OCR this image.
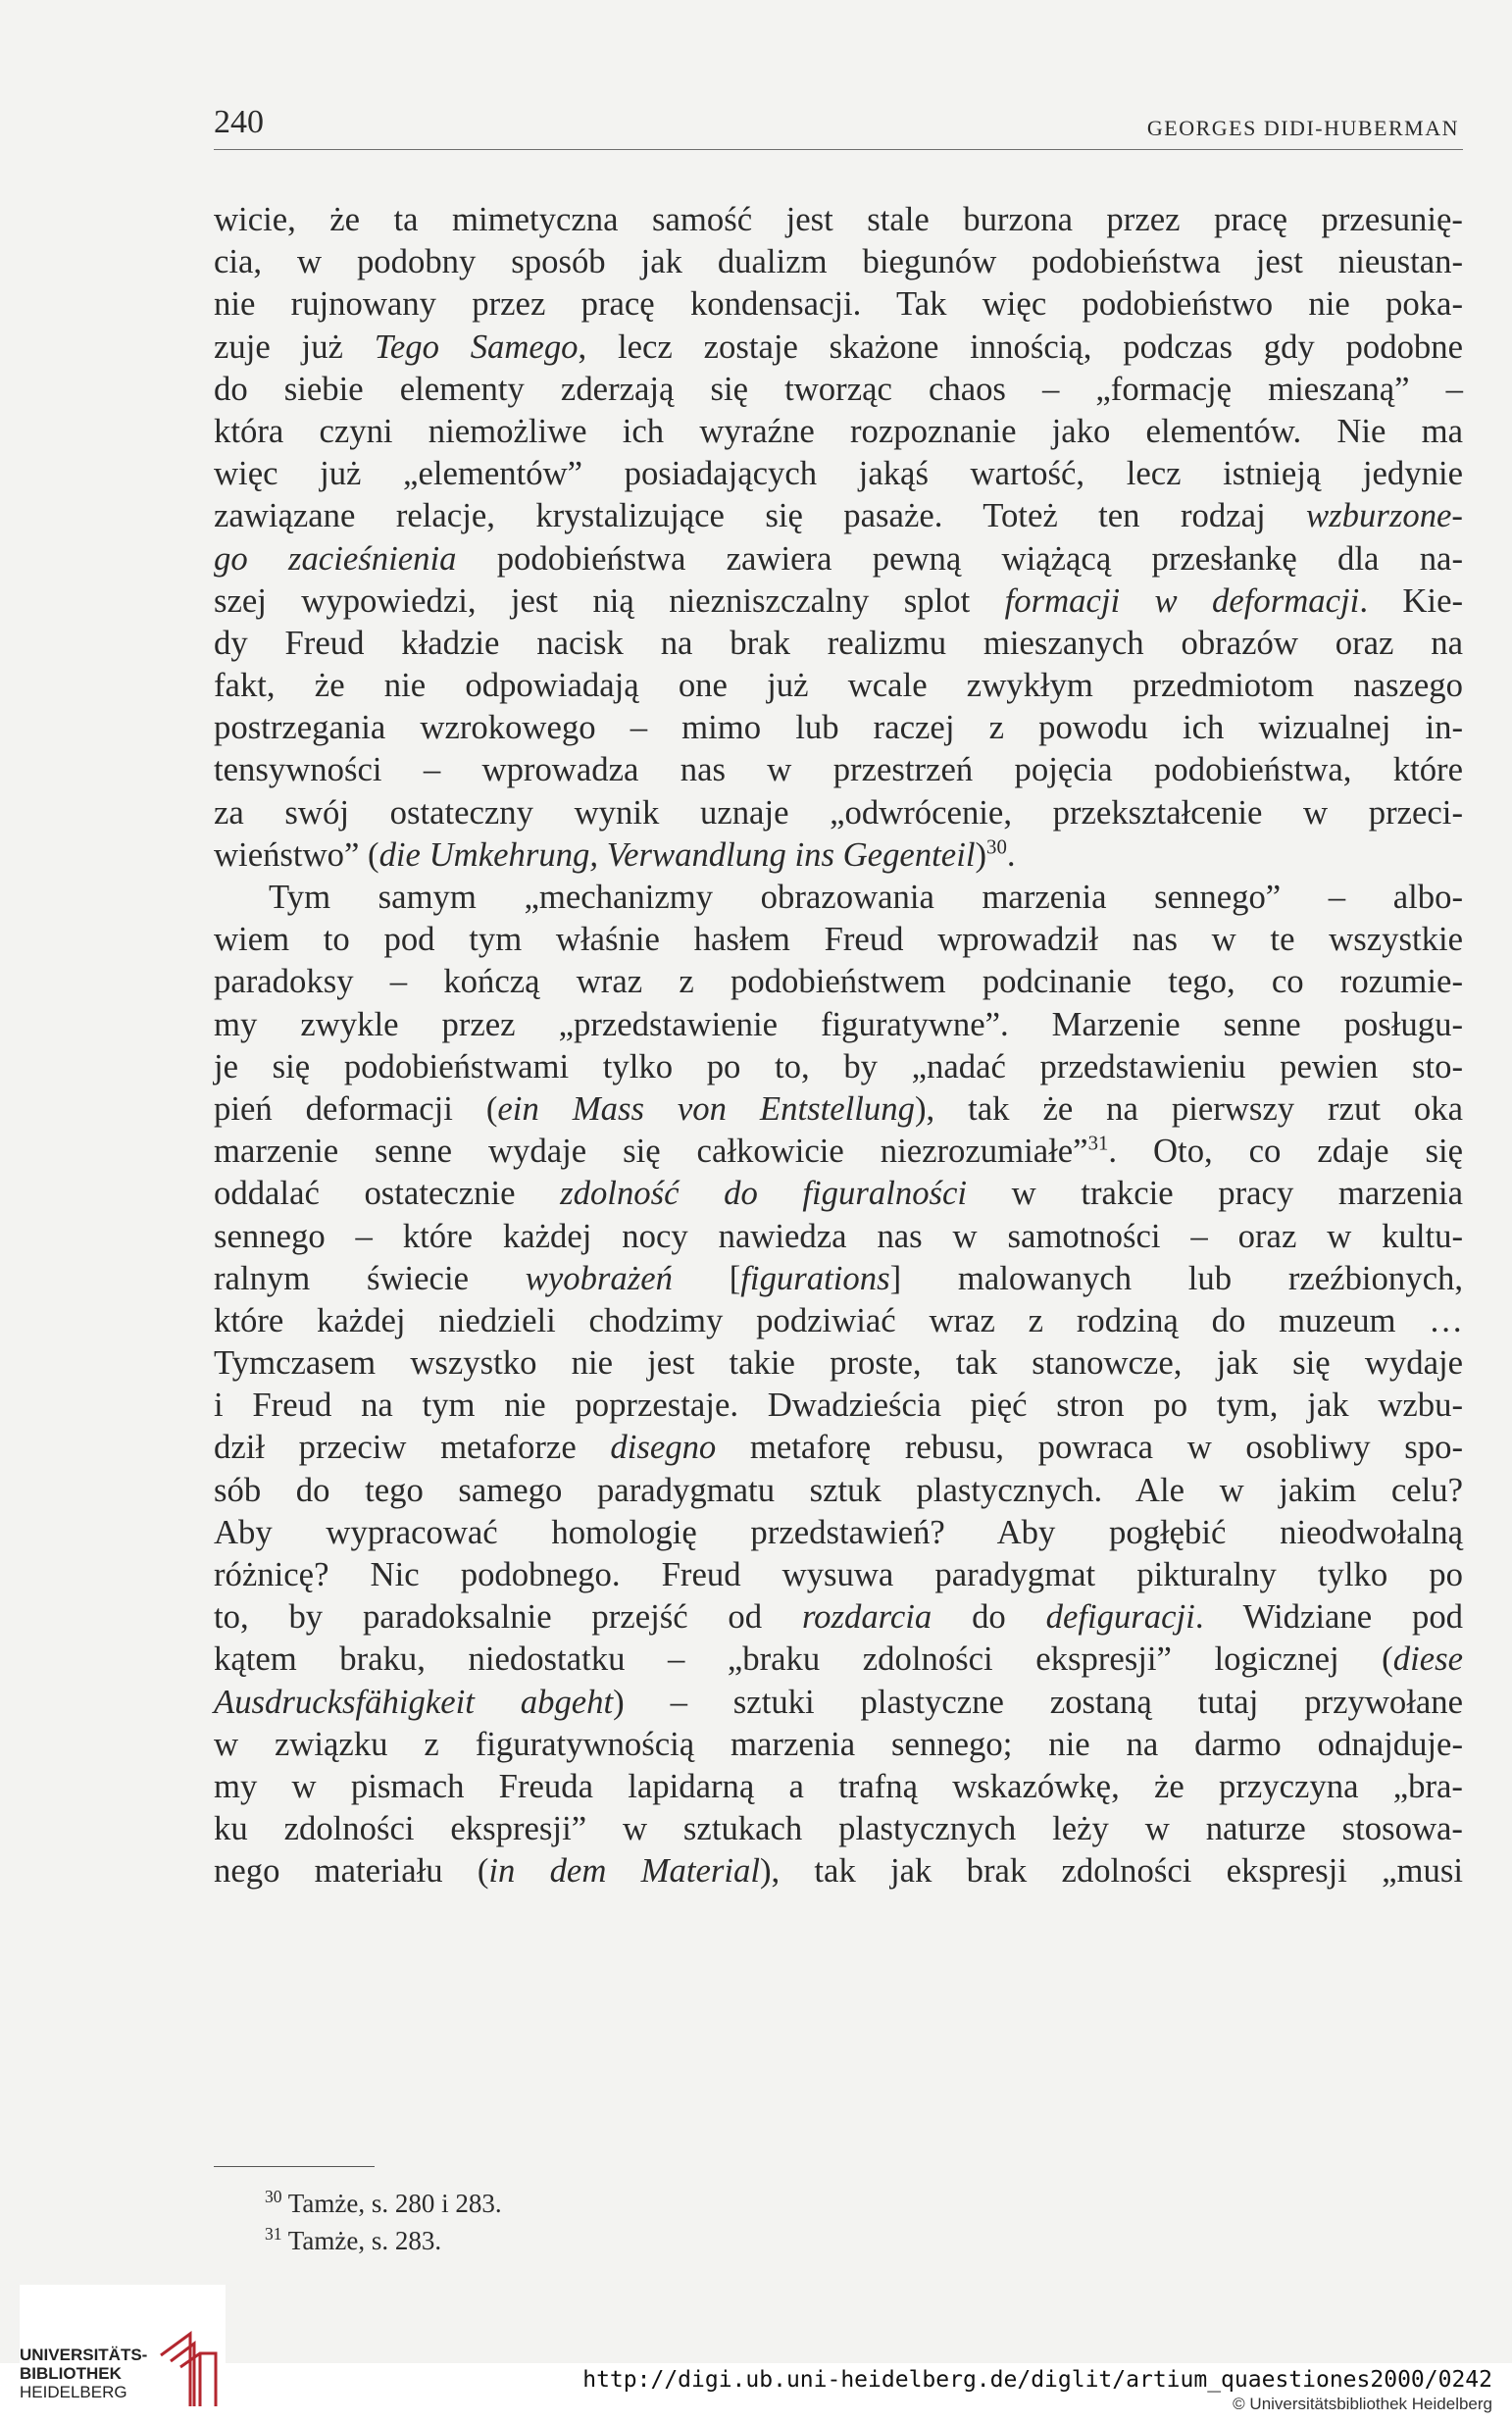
240	GEORGES DIDI-HUBERMAN
wicie, że ta mimetyczna samość jest stale burzona przez pracę przesunię-
cia, w podobny sposób jak dualizm biegunów podobieństwa jest nieustan-
nie rujnowany przez pracę kondensacji. Tak więc podobieństwo nie poka-
zuje już Tego Samego, lecz zostaje skażone innością, podczas gdy podobne
do siebie elementy zderzają się tworząc chaos – „formację mieszaną” –
która czyni niemożliwe ich wyraźne rozpoznanie jako elementów. Nie ma
więc już „elementów” posiadających jakąś wartość, lecz istnieją jedynie
zawiązane relacje, krystalizujące się pasaże. Toteż ten rodzaj wzburzone-
go zacieśnienia podobieństwa zawiera pewną wiążącą przesłankę dla na-
szej wypowiedzi, jest nią niezniszczalny splot formacji w deformacji. Kie-
dy Freud kładzie nacisk na brak realizmu mieszanych obrazów oraz na
fakt, że nie odpowiadają one już wcale zwykłym przedmiotom naszego
postrzegania wzrokowego – mimo lub raczej z powodu ich wizualnej in-
tensywności – wprowadza nas w przestrzeń pojęcia podobieństwa, które
za swój ostateczny wynik uznaje „odwrócenie, przekształcenie w przeci-
wieństwo” (die Umkehrung, Verwandlung ins Gegenteil)$^{30}$.
Tym samym „mechanizmy obrazowania marzenia sennego” – albo-
wiem to pod tym właśnie hasłem Freud wprowadził nas w te wszystkie
paradoksy – kończą wraz z podobieństwem podcinanie tego, co rozumie-
my zwykle przez „przedstawienie figuratywne”. Marzenie senne posługu-
je się podobieństwami tylko po to, by „nadać przedstawieniu pewien sto-
pień deformacji (ein Mass von Entstellung), tak że na pierwszy rzut oka
marzenie senne wydaje się całkowicie niezrozumiałe”$^{31}$. Oto, co zdaje się
oddalać ostatecznie zdolność do figuralności w trakcie pracy marzenia
sennego – które każdej nocy nawiedza nas w samotności – oraz w kultu-
ralnym świecie wyobrażeń [figurations] malowanych lub rzeźbionych,
które każdej niedzieli chodzimy podziwiać wraz z rodziną do muzeum …
Tymczasem wszystko nie jest takie proste, tak stanowcze, jak się wydaje
i Freud na tym nie poprzestaje. Dwadzieścia pięć stron po tym, jak wzbu-
dził przeciw metaforze disegno metaforę rebusu, powraca w osobliwy spo-
sób do tego samego paradygmatu sztuk plastycznych. Ale w jakim celu?
Aby wypracować homologię przedstawień? Aby pogłębić nieodwołalną
różnicę? Nic podobnego. Freud wysuwa paradygmat pikturalny tylko po
to, by paradoksalnie przejść od rozdarcia do defiguracji. Widziane pod
kątem braku, niedostatku – „braku zdolności ekspresji” logicznej (diese
Ausdrucksfähigkeit abgeht) – sztuki plastyczne zostaną tutaj przywołane
w związku z figuratywnością marzenia sennego; nie na darmo odnajduje-
my w pismach Freuda lapidarną a trafną wskazówkę, że przyczyna „bra-
ku zdolności ekspresji” w sztukach plastycznych leży w naturze stosowa-
nego materiału (in dem Material), tak jak brak zdolności ekspresji „musi
$^{30}$ Tamże, s. 280 i 283.
$^{31}$ Tamże, s. 283.
UNIVERSITÄTS-
BIBLIOTHEK
HEIDELBERG	http://digi.ub.uni-heidelberg.de/diglit/artium_quaestiones2000/0242
© Universitätsbibliothek Heidelberg
